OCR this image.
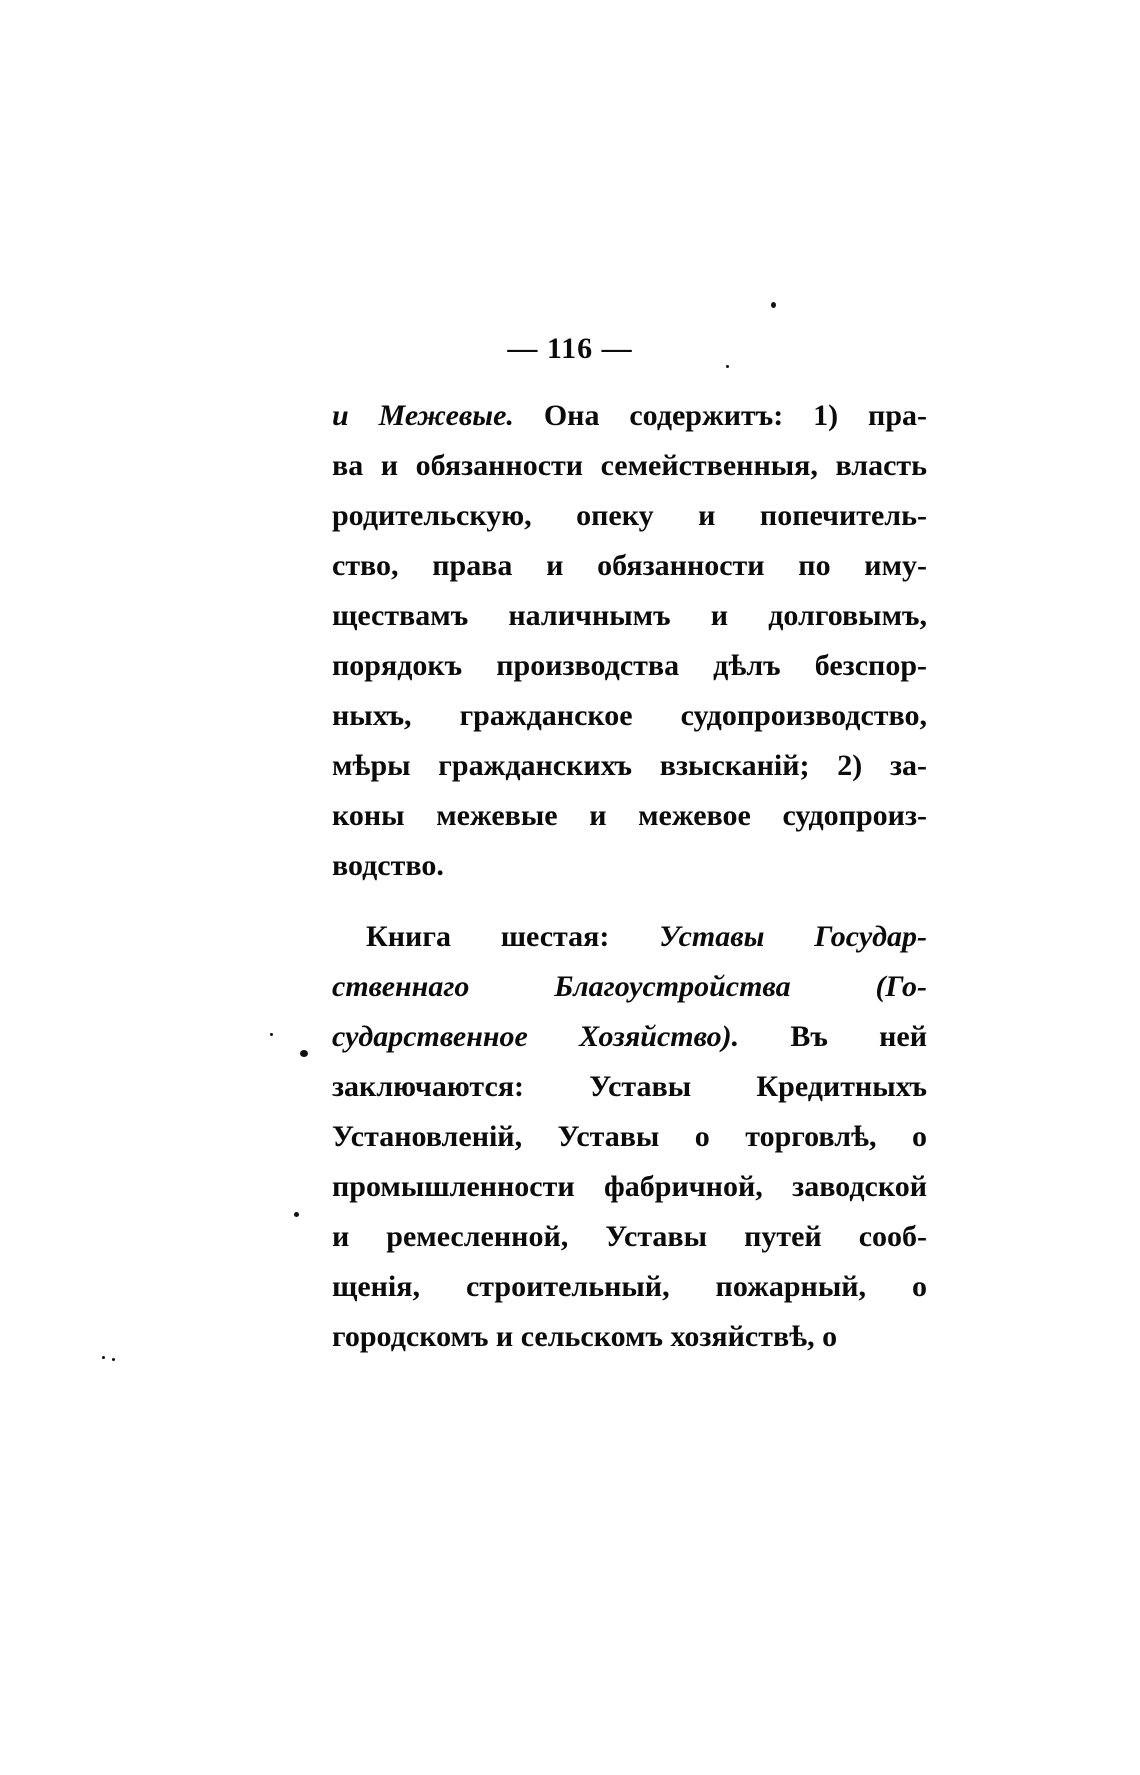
— 116 —
и Межевые. Она содержитъ: 1) пра-
ва и обязанности семейственныя, власть
родительскую, опеку и попечитель-
ство, права и обязанности по иму-
ществамъ наличнымъ и долговымъ,
порядокъ производства дѣлъ безспор-
ныхъ, гражданское судопроизводство,
мѣры гражданскихъ взысканій; 2) за-
коны межевые и межевое судопроиз-
водство.
Книга шестая: Уставы Государ-
ственнаго Благоустройства (Го-
сударственное Хозяйство). Въ ней
заключаются: Уставы Кредитныхъ
Установленій, Уставы о торговлѣ, о
промышленности фабричной, заводской
и ремесленной, Уставы путей сооб-
щенія, строительный, пожарный, о
городскомъ и сельскомъ хозяйствѣ, о
